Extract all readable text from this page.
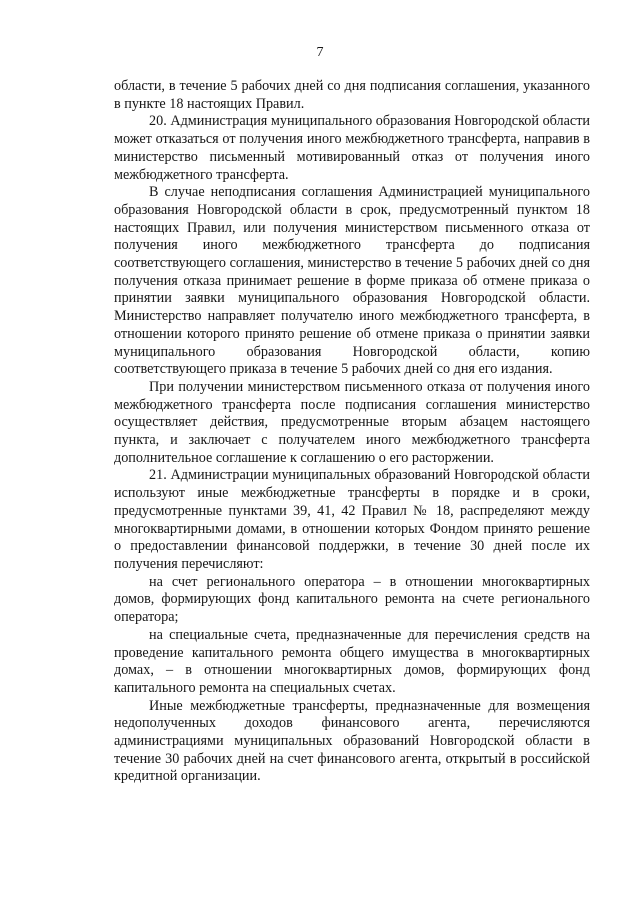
7

области, в течение 5 рабочих дней со дня подписания соглашения, указанного в пункте 18 настоящих Правил.

20. Администрация муниципального образования Новгородской области может отказаться от получения иного межбюджетного трансферта, направив в министерство письменный мотивированный отказ от получения иного межбюджетного трансферта.

В случае неподписания соглашения Администрацией муниципального образования Новгородской области в срок, предусмотренный пунктом 18 настоящих Правил, или получения министерством письменного отказа от получения иного межбюджетного трансферта до подписания соответствующего соглашения, министерство в течение 5 рабочих дней со дня получения отказа принимает решение в форме приказа об отмене приказа о принятии заявки муниципального образования Новгородской области. Министерство направляет получателю иного межбюджетного трансферта, в отношении которого принято решение об отмене приказа о принятии заявки муниципального образования Новгородской области, копию соответствующего приказа в течение 5 рабочих дней со дня его издания.

При получении министерством письменного отказа от получения иного межбюджетного трансферта после подписания соглашения министерство осуществляет действия, предусмотренные вторым абзацем настоящего пункта, и заключает с получателем иного межбюджетного трансферта дополнительное соглашение к соглашению о его расторжении.

21. Администрации муниципальных образований Новгородской области используют иные межбюджетные трансферты в порядке и в сроки, предусмотренные пунктами 39, 41, 42 Правил № 18, распределяют между многоквартирными домами, в отношении которых Фондом принято решение о предоставлении финансовой поддержки, в течение 30 дней после их получения перечисляют:

на счет регионального оператора – в отношении многоквартирных домов, формирующих фонд капитального ремонта на счете регионального оператора;

на специальные счета, предназначенные для перечисления средств на проведение капитального ремонта общего имущества в многоквартирных домах, – в отношении многоквартирных домов, формирующих фонд капитального ремонта на специальных счетах.

Иные межбюджетные трансферты, предназначенные для возмещения недополученных доходов финансового агента, перечисляются администрациями муниципальных образований Новгородской области в течение 30 рабочих дней на счет финансового агента, открытый в российской кредитной организации.
